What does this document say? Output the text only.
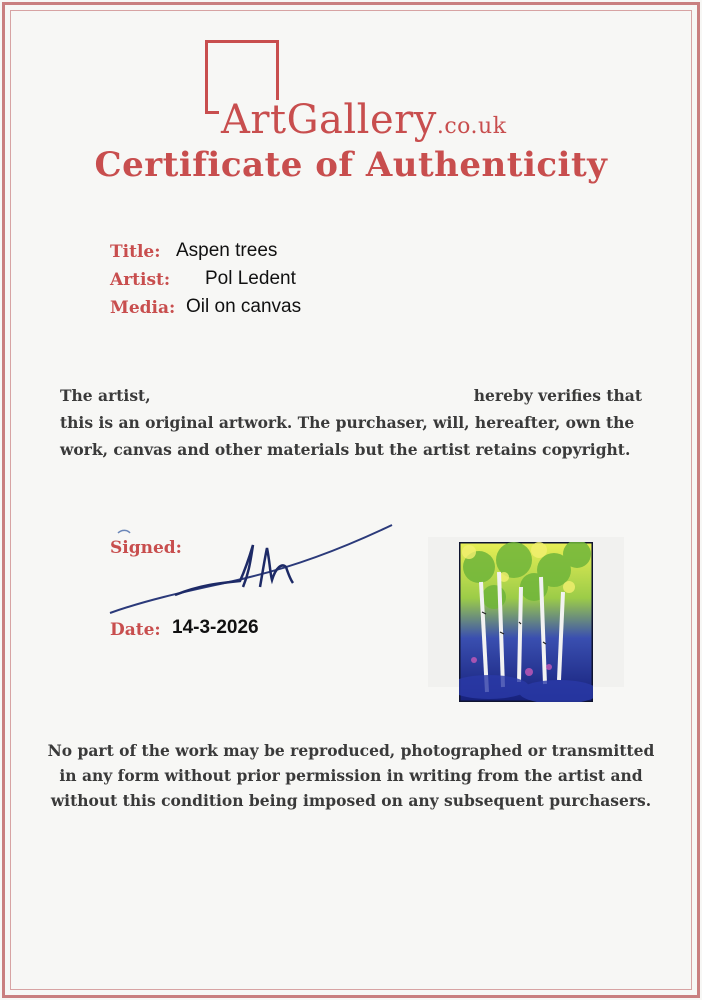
ArtGallery.co.uk
Certificate of Authenticity
Title: Aspen trees
Artist: Pol Ledent
Media: Oil on canvas
The artist,	hereby verifies that
this is an original artwork. The purchaser, will, hereafter, own the
work, canvas and other materials but the artist retains copyright.
Signed:
Date: 14-3-2026
No part of the work may be reproduced, photographed or transmitted
in any form without prior permission in writing from the artist and
without this condition being imposed on any subsequent purchasers.
